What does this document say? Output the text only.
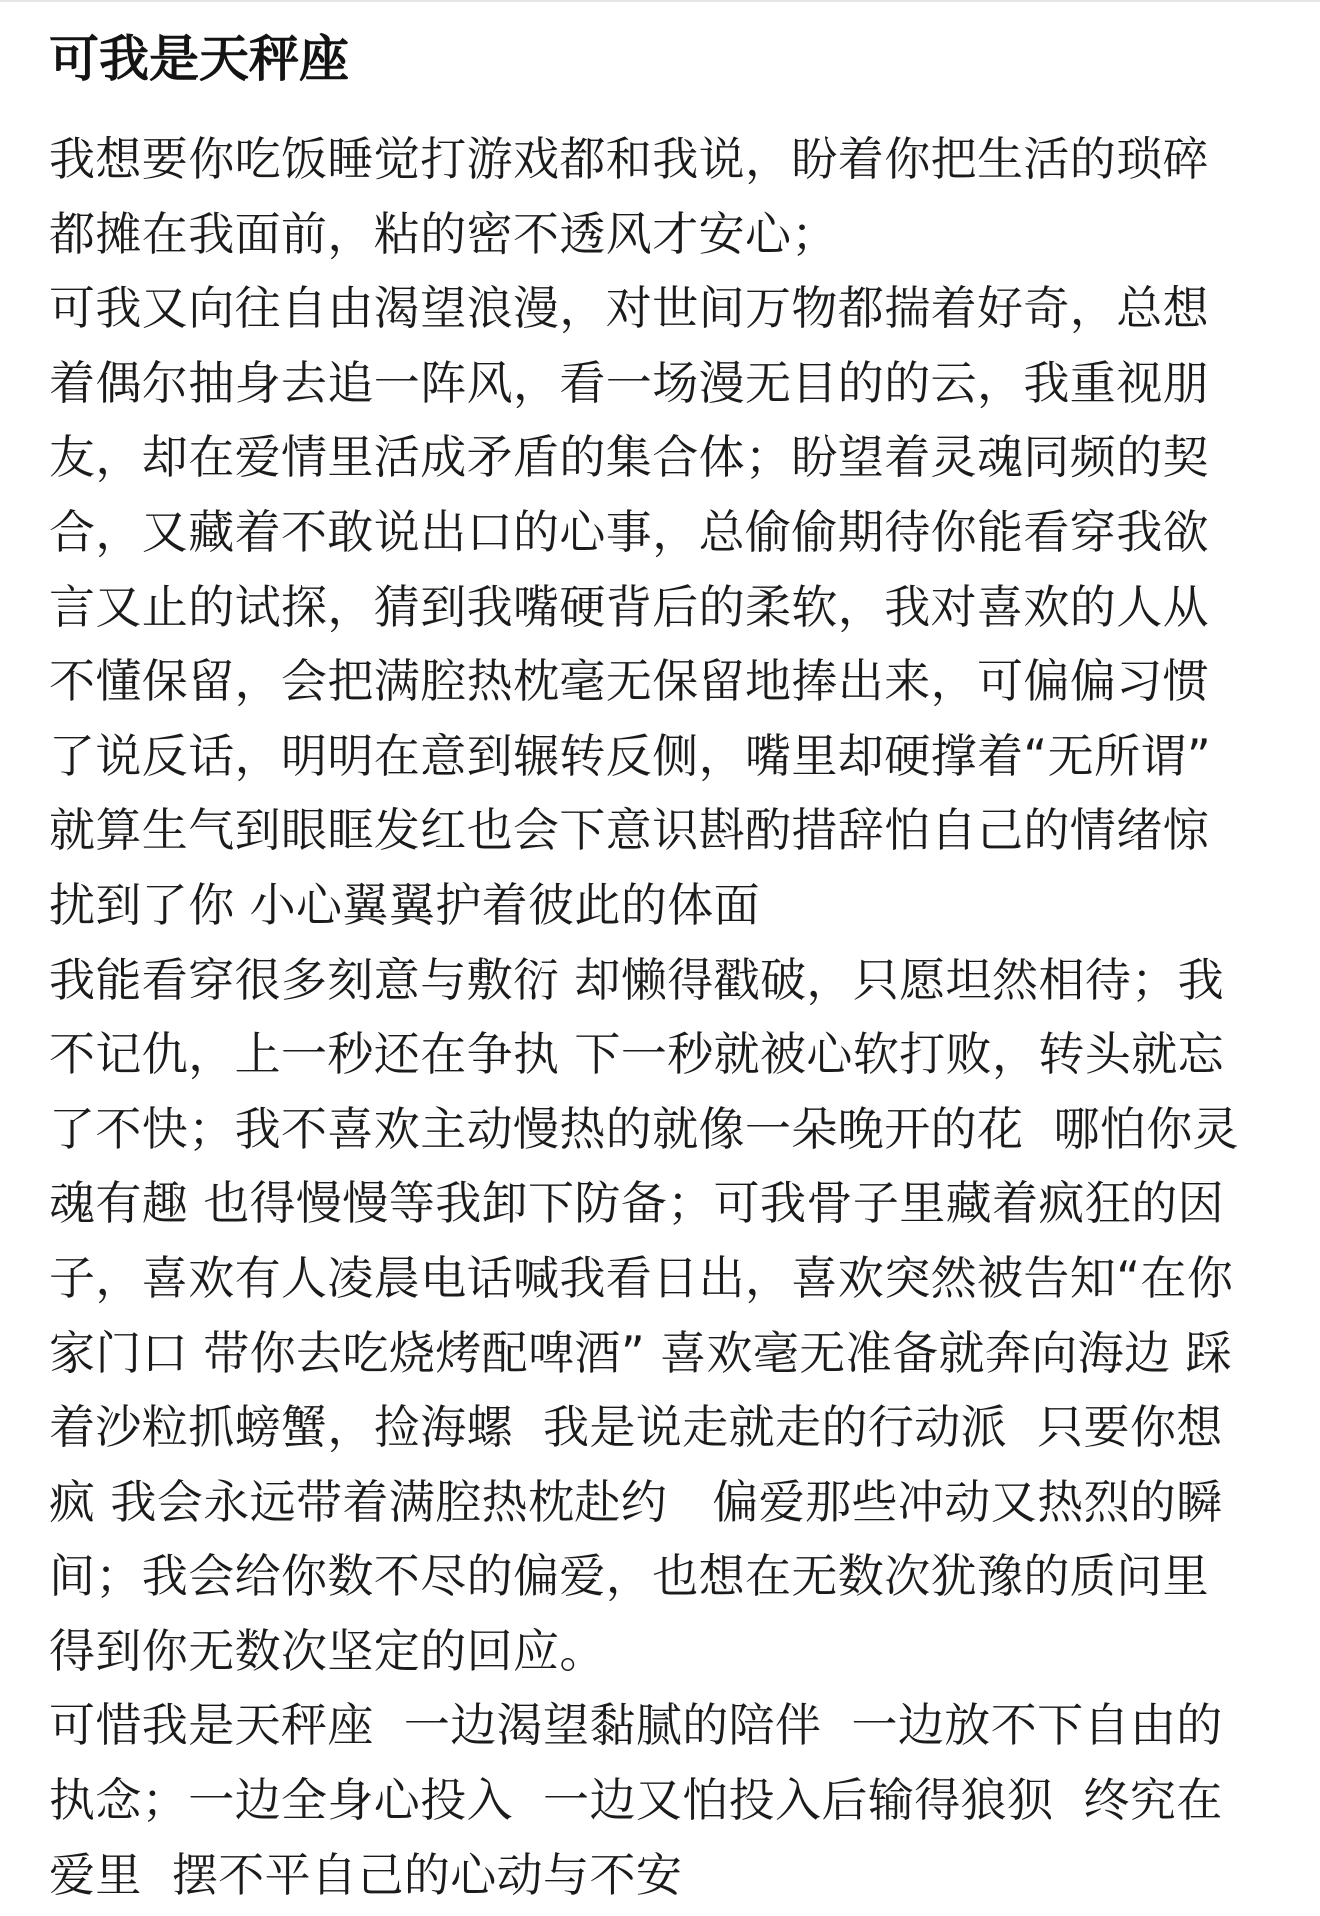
可我是天秤座
我想要你吃饭睡觉打游戏都和我说，盼着你把生活的琐碎
都摊在我面前，粘的密不透风才安心；
可我又向往自由渴望浪漫，对世间万物都揣着好奇，总想
着偶尔抽身去追一阵风，看一场漫无目的的云，我重视朋
友，却在爱情里活成矛盾的集合体；盼望着灵魂同频的契
合，又藏着不敢说出口的心事，总偷偷期待你能看穿我欲
言又止的试探，猜到我嘴硬背后的柔软，我对喜欢的人从
不懂保留，会把满腔热枕毫无保留地捧出来，可偏偏习惯
了说反话，明明在意到辗转反侧，嘴里却硬撑着“无所谓”
就算生气到眼眶发红也会下意识斟酌措辞怕自己的情绪惊
扰到了你 小心翼翼护着彼此的体面
我能看穿很多刻意与敷衍 却懒得戳破，只愿坦然相待；我
不记仇，上一秒还在争执 下一秒就被心软打败，转头就忘
了不快；我不喜欢主动慢热的就像一朵晚开的花  哪怕你灵
魂有趣 也得慢慢等我卸下防备；可我骨子里藏着疯狂的因
子，喜欢有人凌晨电话喊我看日出，喜欢突然被告知“在你
家门口 带你去吃烧烤配啤酒” 喜欢毫无准备就奔向海边 踩
着沙粒抓螃蟹，捡海螺  我是说走就走的行动派  只要你想
疯 我会永远带着满腔热枕赴约   偏爱那些冲动又热烈的瞬
间；我会给你数不尽的偏爱，也想在无数次犹豫的质问里
得到你无数次坚定的回应。
可惜我是天秤座  一边渴望黏腻的陪伴  一边放不下自由的
执念；一边全身心投入  一边又怕投入后输得狼狈  终究在
爱里  摆不平自己的心动与不安
